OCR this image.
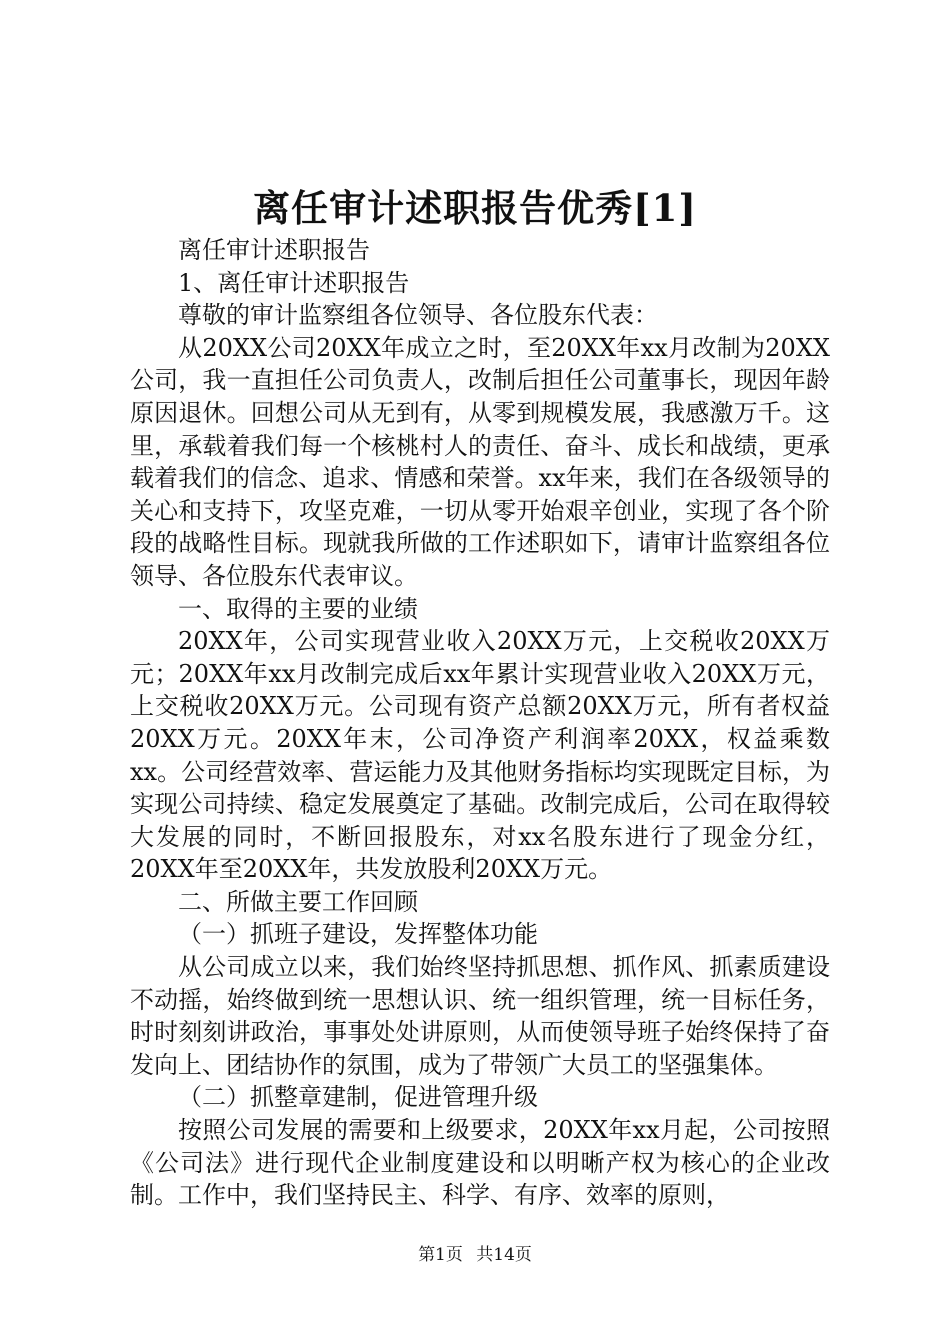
离任审计述职报告优秀[1]

离任审计述职报告

1、离任审计述职报告

尊敬的审计监察组各位领导、各位股东代表：

从20XX公司20XX年成立之时，至20XX年xx月改制为20XX公司，我一直担任公司负责人，改制后担任公司董事长，现因年龄原因退休。回想公司从无到有，从零到规模发展，我感激万千。这里，承载着我们每一个核桃村人的责任、奋斗、成长和战绩，更承载着我们的信念、追求、情感和荣誉。xx年来，我们在各级领导的关心和支持下，攻坚克难，一切从零开始艰辛创业，实现了各个阶段的战略性目标。现就我所做的工作述职如下，请审计监察组各位领导、各位股东代表审议。

一、取得的主要的业绩

20XX年，公司实现营业收入20XX万元，上交税收20XX万元；20XX年xx月改制完成后xx年累计实现营业收入20XX万元，上交税收20XX万元。公司现有资产总额20XX万元，所有者权益20XX万元。20XX年末，公司净资产利润率20XX，权益乘数xx。公司经营效率、营运能力及其他财务指标均实现既定目标，为实现公司持续、稳定发展奠定了基础。改制完成后，公司在取得较大发展的同时，不断回报股东，对xx名股东进行了现金分红，20XX年至20XX年，共发放股利20XX万元。

二、所做主要工作回顾

（一）抓班子建设，发挥整体功能

从公司成立以来，我们始终坚持抓思想、抓作风、抓素质建设不动摇，始终做到统一思想认识、统一组织管理，统一目标任务，时时刻刻讲政治，事事处处讲原则，从而使领导班子始终保持了奋发向上、团结协作的氛围，成为了带领广大员工的坚强集体。

（二）抓整章建制，促进管理升级

按照公司发展的需要和上级要求，20XX年xx月起，公司按照《公司法》进行现代企业制度建设和以明晰产权为核心的企业改制。工作中，我们坚持民主、科学、有序、效率的原则，

第1页 共14页
